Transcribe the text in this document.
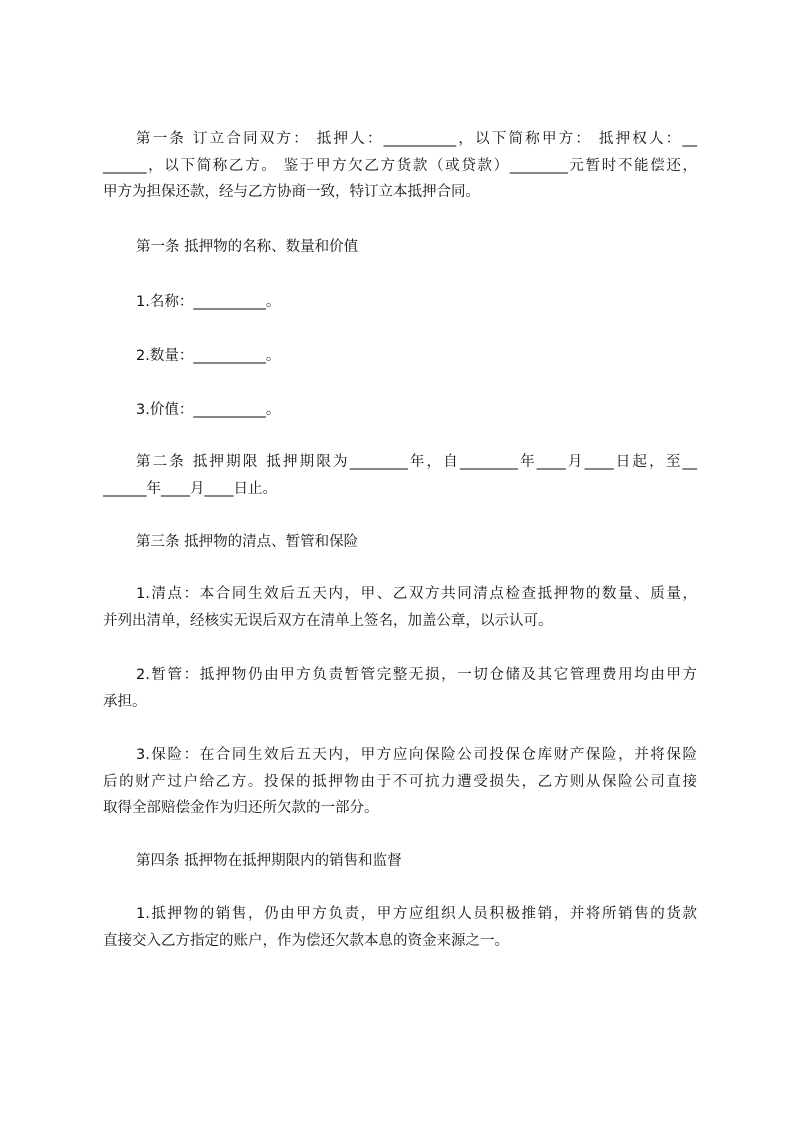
第一条 订立合同双方： 抵押人：__________，以下简称甲方： 抵押权人：__
______，以下简称乙方。 鉴于甲方欠乙方货款（或贷款）________元暂时不能偿还，
甲方为担保还款，经与乙方协商一致，特订立本抵押合同。
第一条 抵押物的名称、数量和价值
1.名称：__________。
2.数量：__________。
3.价值：__________。
第二条 抵押期限 抵押期限为________年，自________年____月____日起，至__
______年____月____日止。
第三条 抵押物的清点、暂管和保险
1.清点：本合同生效后五天内，甲、乙双方共同清点检查抵押物的数量、质量，
并列出清单，经核实无误后双方在清单上签名，加盖公章，以示认可。
2.暂管：抵押物仍由甲方负责暂管完整无损，一切仓储及其它管理费用均由甲方
承担。
3.保险：在合同生效后五天内，甲方应向保险公司投保仓库财产保险，并将保险
后的财产过户给乙方。投保的抵押物由于不可抗力遭受损失，乙方则从保险公司直接
取得全部赔偿金作为归还所欠款的一部分。
第四条 抵押物在抵押期限内的销售和监督
1.抵押物的销售，仍由甲方负责，甲方应组织人员积极推销，并将所销售的货款
直接交入乙方指定的账户，作为偿还欠款本息的资金来源之一。
